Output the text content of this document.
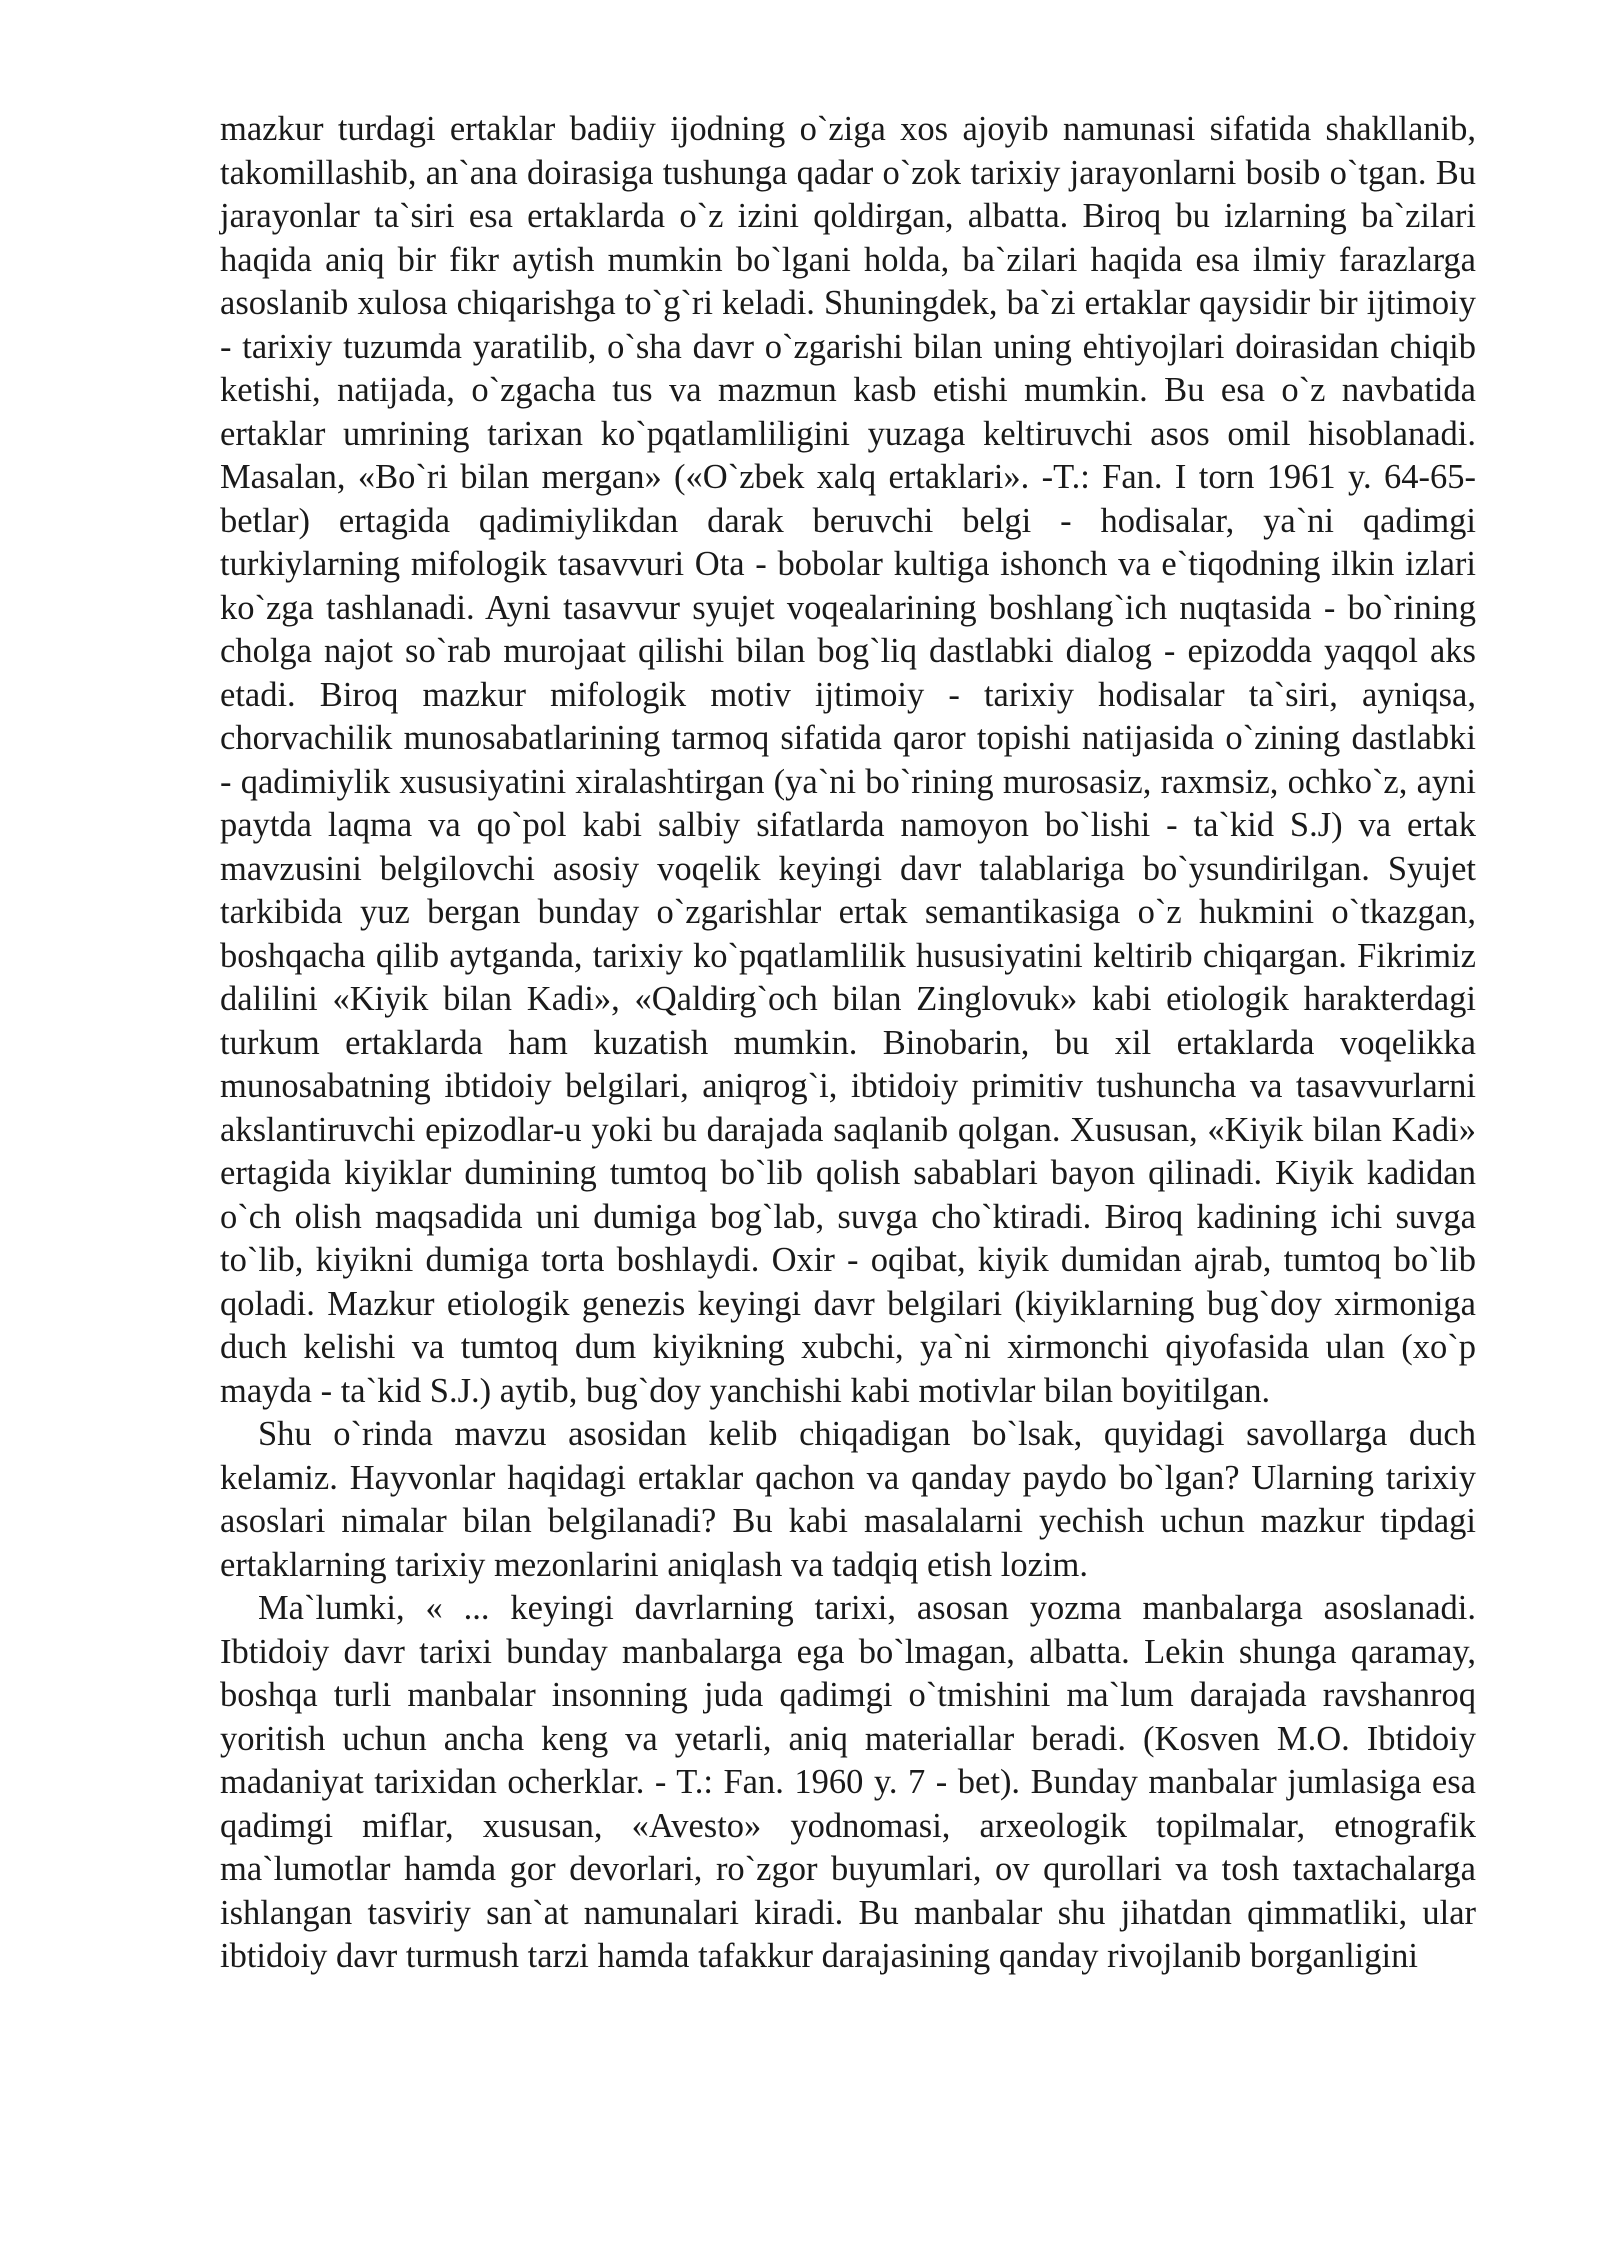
mazkur turdagi ertaklar badiiy ijodning o`ziga xos ajoyib namunasi sifatida shakllanib, takomillashib, an`ana doirasiga tushunga qadar o`zok tarixiy jarayonlarni bosib o`tgan. Bu jarayonlar ta`siri esa ertaklarda o`z izini qoldirgan, albatta. Biroq bu izlarning ba`zilari haqida aniq bir fikr aytish mumkin bo`lgani holda, ba`zilari haqida esa ilmiy farazlarga asoslanib xulosa chiqarishga to`g`ri keladi. Shuningdek, ba`zi ertaklar qaysidir bir ijtimoiy - tarixiy tuzumda yaratilib, o`sha davr o`zgarishi bilan uning ehtiyojlari doirasidan chiqib ketishi, natijada, o`zgacha tus va mazmun kasb etishi mumkin. Bu esa o`z navbatida ertaklar umrining tarixan ko`pqatlamliligini yuzaga keltiruvchi asos omil hisoblanadi. Masalan, «Bo`ri bilan mergan» («O`zbek xalq ertaklari». -T.: Fan. I torn 1961 y. 64-65-betlar) ertagida qadimiylikdan darak beruvchi belgi - hodisalar, ya`ni qadimgi turkiylarning mifologik tasavvuri Ota - bobolar kultiga ishonch va e`tiqodning ilkin izlari ko`zga tashlanadi. Ayni tasavvur syujet voqealarining boshlang`ich nuqtasida - bo`rining cholga najot so`rab murojaat qilishi bilan bog`liq dastlabki dialog - epizodda yaqqol aks etadi. Biroq mazkur mifologik motiv ijtimoiy - tarixiy hodisalar ta`siri, ayniqsa, chorvachilik munosabatlarining tarmoq sifatida qaror topishi natijasida o`zining dastlabki - qadimiylik xususiyatini xiralashtirgan (ya`ni bo`rining murosasiz, raxmsiz, ochko`z, ayni paytda laqma va qo`pol kabi salbiy sifatlarda namoyon bo`lishi - ta`kid S.J) va ertak mavzusini belgilovchi asosiy voqelik keyingi davr talablariga bo`ysundirilgan. Syujet tarkibida yuz bergan bunday o`zgarishlar ertak semantikasiga o`z hukmini o`tkazgan, boshqacha qilib aytganda, tarixiy ko`pqatlamlilik hususiyatini keltirib chiqargan. Fikrimiz dalilini «Kiyik bilan Kadi», «Qaldirg`och bilan Zinglovuk» kabi etiologik harakterdagi turkum ertaklarda ham kuzatish mumkin. Binobarin, bu xil ertaklarda voqelikka munosabatning ibtidoiy belgilari, aniqrog`i, ibtidoiy primitiv tushuncha va tasavvurlarni akslantiruvchi epizodlar-u yoki bu darajada saqlanib qolgan. Xususan, «Kiyik bilan Kadi» ertagida kiyiklar dumining tumtoq bo`lib qolish sabablari bayon qilinadi. Kiyik kadidan o`ch olish maqsadida uni dumiga bog`lab, suvga cho`ktiradi. Biroq kadining ichi suvga to`lib, kiyikni dumiga torta boshlaydi. Oxir - oqibat, kiyik dumidan ajrab, tumtoq bo`lib qoladi. Mazkur etiologik genezis keyingi davr belgilari (kiyiklarning bug`doy xirmoniga duch kelishi va tumtoq dum kiyikning xubchi, ya`ni xirmonchi qiyofasida ulan (xo`p mayda - ta`kid S.J.) aytib, bug`doy yanchishi kabi motivlar bilan boyitilgan.

Shu o`rinda mavzu asosidan kelib chiqadigan bo`lsak, quyidagi savollarga duch kelamiz. Hayvonlar haqidagi ertaklar qachon va qanday paydo bo`lgan? Ularning tarixiy asoslari nimalar bilan belgilanadi? Bu kabi masalalarni yechish uchun mazkur tipdagi ertaklarning tarixiy mezonlarini aniqlash va tadqiq etish lozim.

Ma`lumki, « ... keyingi davrlarning tarixi, asosan yozma manbalarga asoslanadi. Ibtidoiy davr tarixi bunday manbalarga ega bo`lmagan, albatta. Lekin shunga qaramay, boshqa turli manbalar insonning juda qadimgi o`tmishini ma`lum darajada ravshanroq yoritish uchun ancha keng va yetarli, aniq materiallar beradi. (Kosven M.O. Ibtidoiy madaniyat tarixidan ocherklar. - T.: Fan. 1960 y. 7 - bet). Bunday manbalar jumlasiga esa qadimgi miflar, xususan, «Avesto» yodnomasi, arxeologik topilmalar, etnografik ma`lumotlar hamda gor devorlari, ro`zgor buyumlari, ov qurollari va tosh taxtachalarga ishlangan tasviriy san`at namunalari kiradi. Bu manbalar shu jihatdan qimmatliki, ular ibtidoiy davr turmush tarzi hamda tafakkur darajasining qanday rivojlanib borganligini
